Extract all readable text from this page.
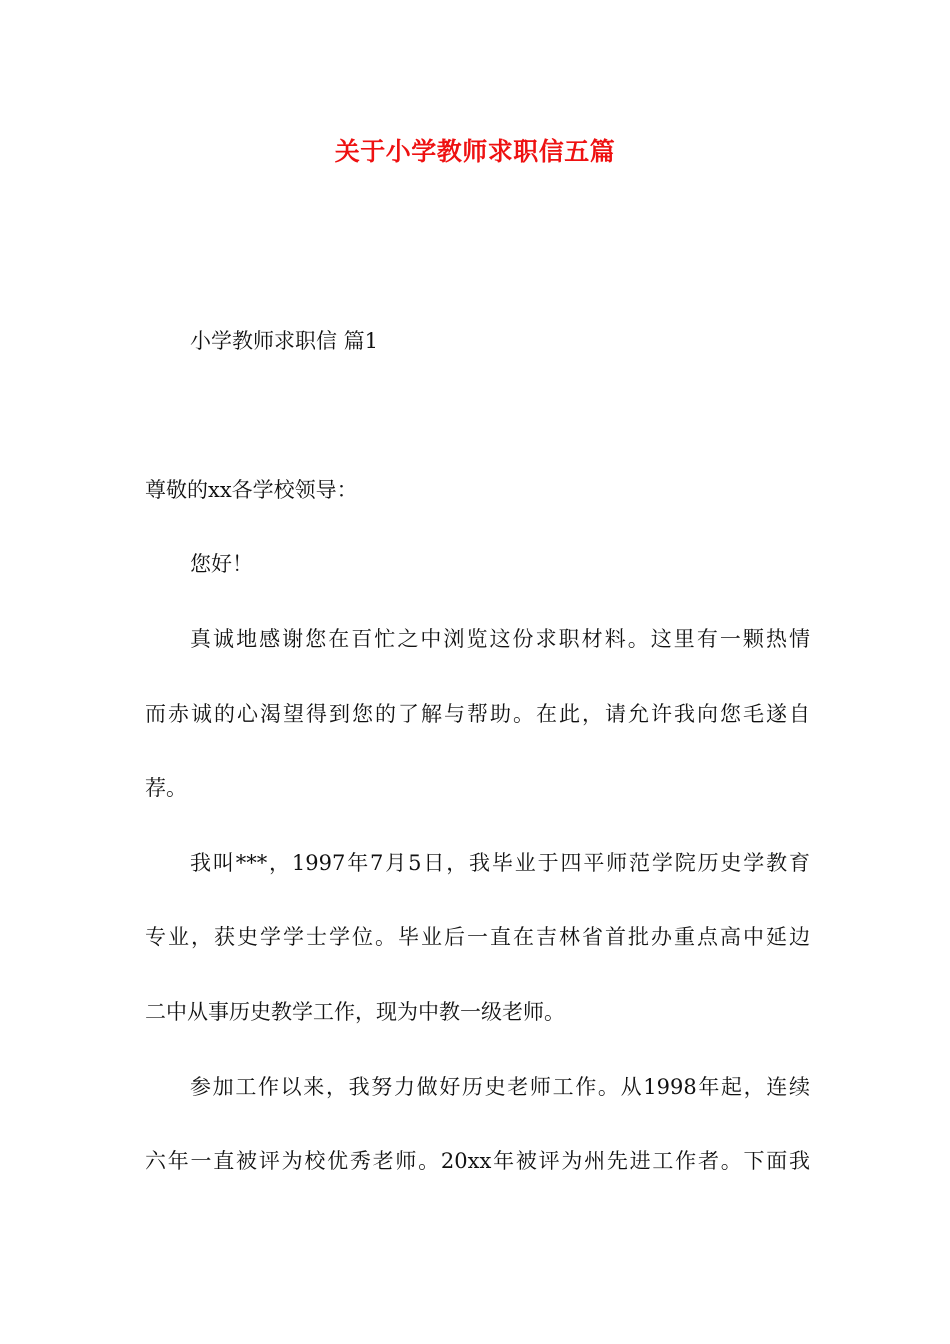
关于小学教师求职信五篇
小学教师求职信 篇1
尊敬的xx各学校领导：
您好！
真诚地感谢您在百忙之中浏览这份求职材料。这里有一颗热情
而赤诚的心渴望得到您的了解与帮助。在此，请允许我向您毛遂自
荐。
我叫***，1997年7月5日，我毕业于四平师范学院历史学教育
专业，获史学学士学位。毕业后一直在吉林省首批办重点高中延边
二中从事历史教学工作，现为中教一级老师。
参加工作以来，我努力做好历史老师工作。从1998年起，连续
六年一直被评为校优秀老师。20xx年被评为州先进工作者。下面我
